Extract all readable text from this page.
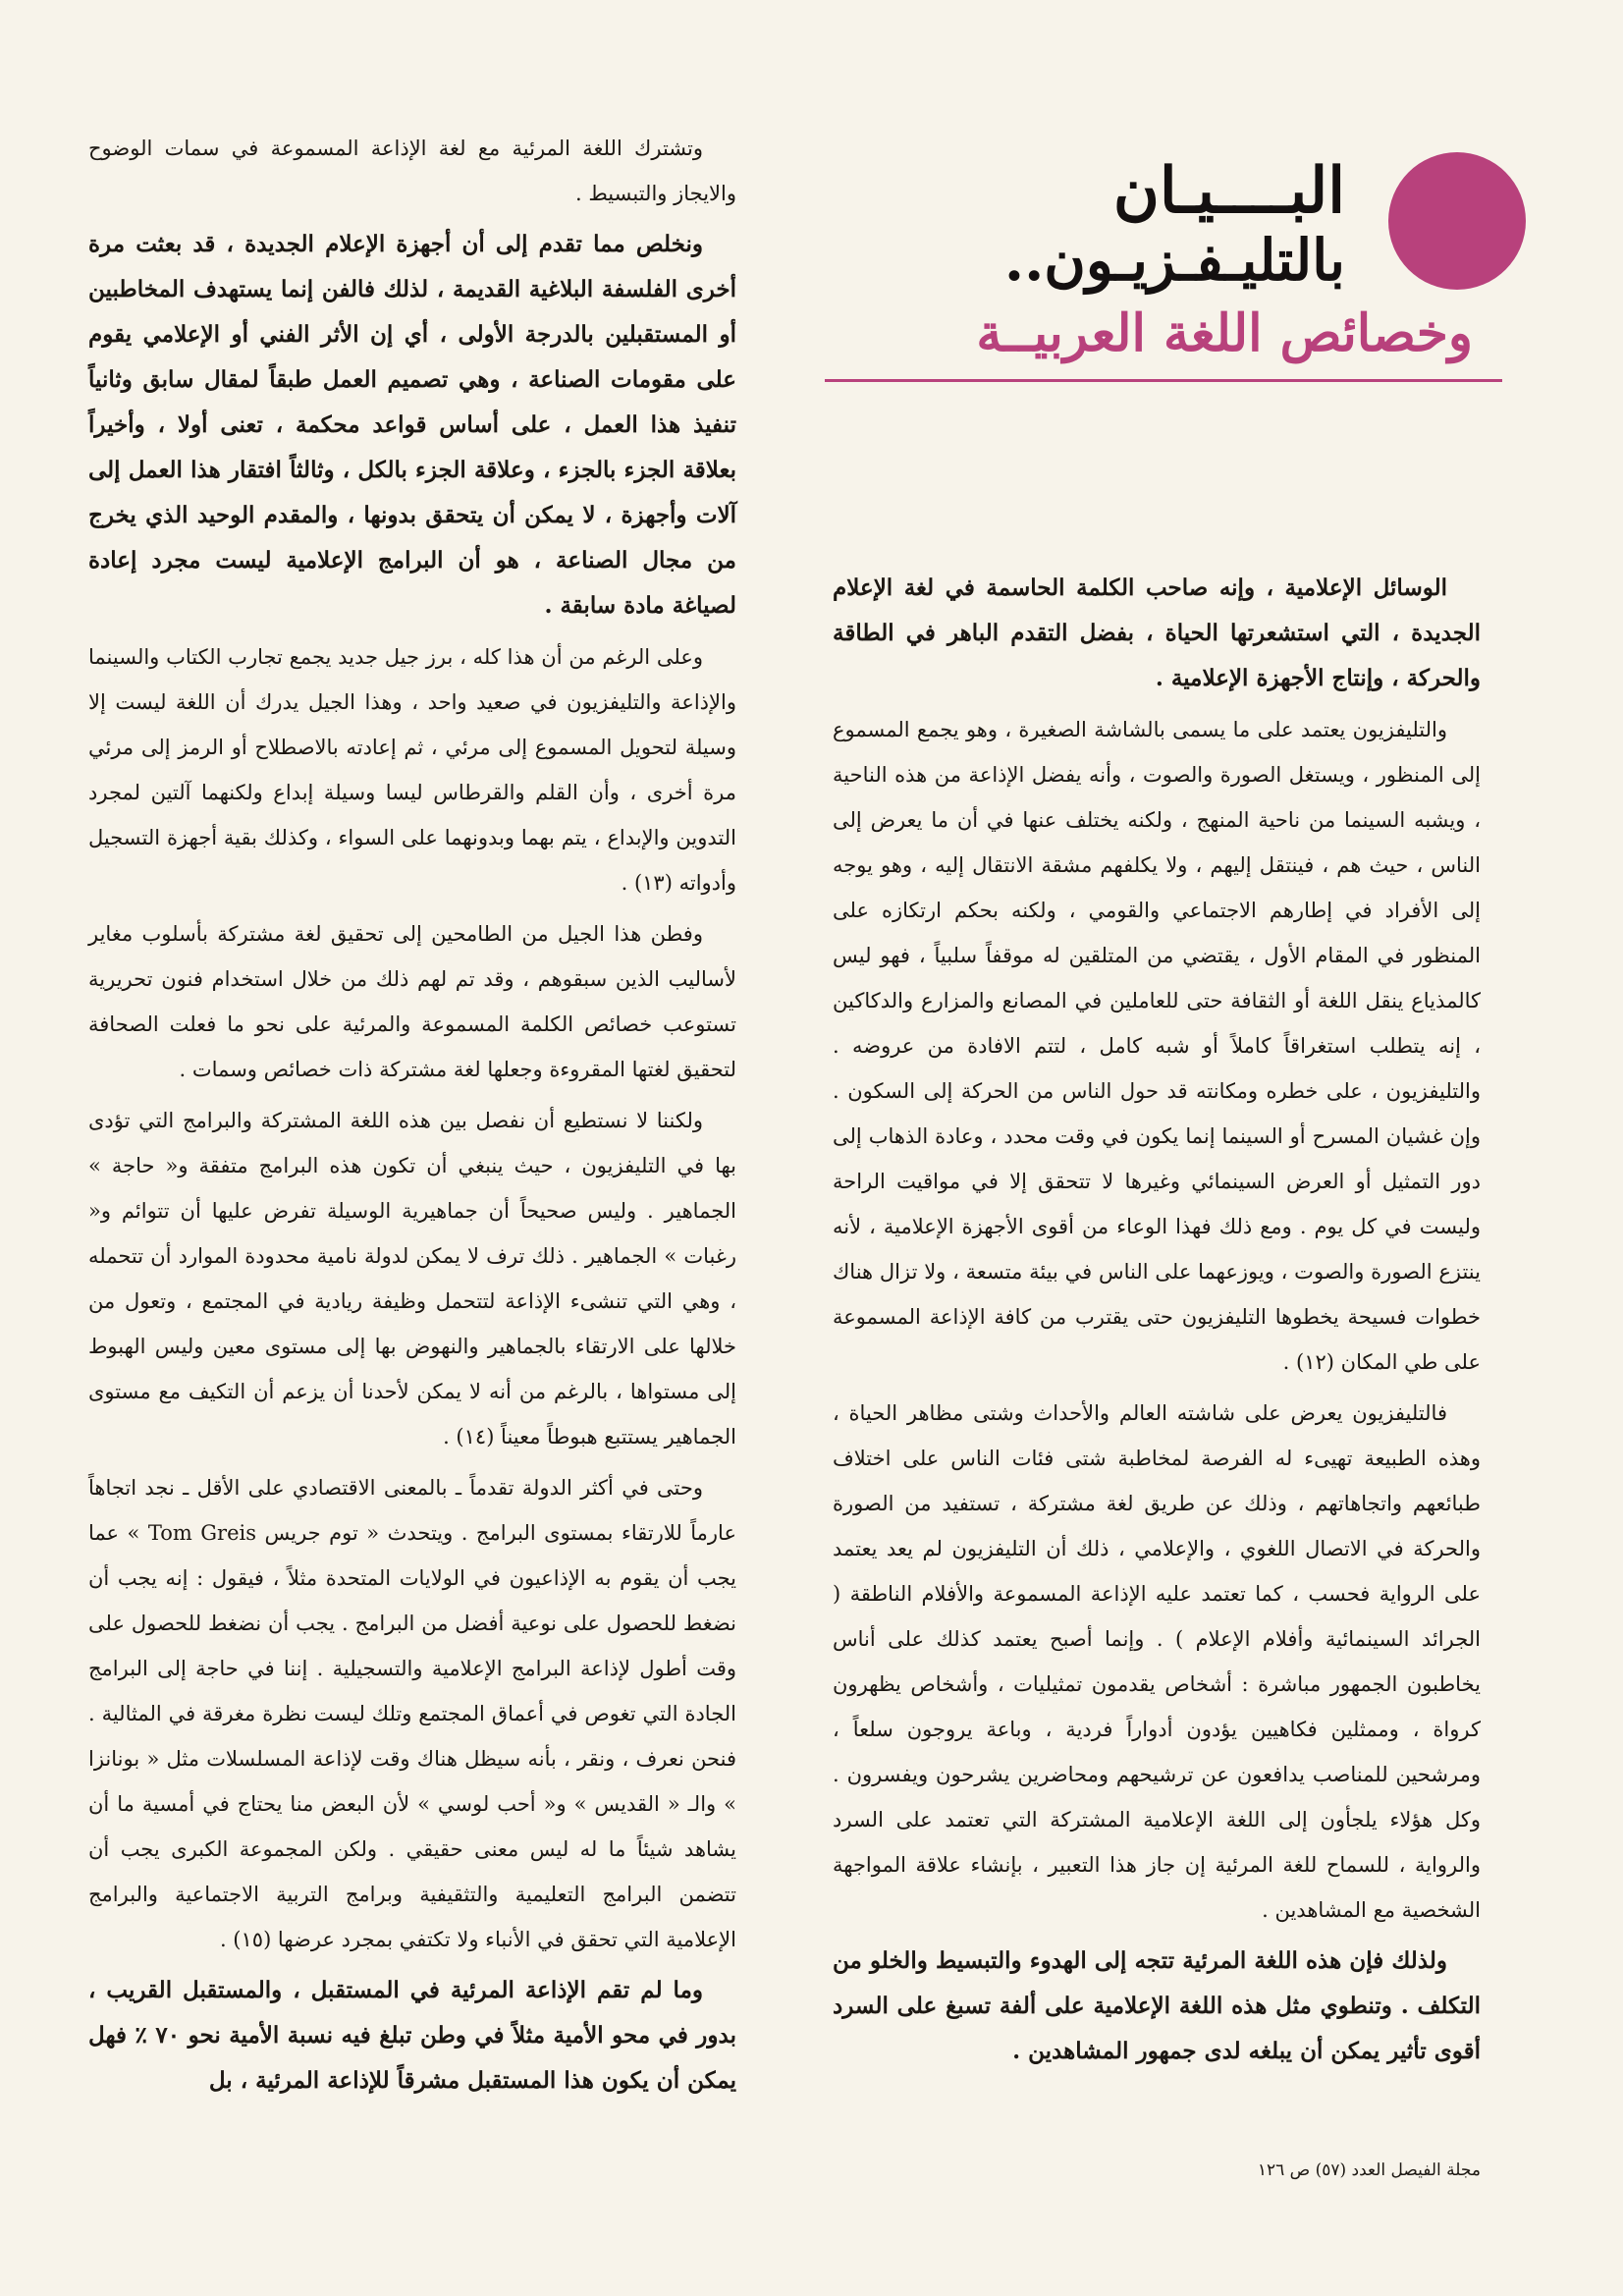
البــــيـان
بالتليـفـزيـون..
وخصائص اللغة العربيــة

وتشترك اللغة المرئية مع لغة الإذاعة المسموعة في سمات الوضوح والايجاز والتبسيط .

ونخلص مما تقدم إلى أن أجهزة الإعلام الجديدة ، قد بعثت مرة أخرى الفلسفة البلاغية القديمة ، لذلك فالفن إنما يستهدف المخاطبين أو المستقبلين بالدرجة الأولى ، أي إن الأثر الفني أو الإعلامي يقوم على مقومات الصناعة ، وهي تصميم العمل طبقاً لمقال سابق وثانياً تنفيذ هذا العمل ، على أساس قواعد محكمة ، تعنى أولا ، وأخيراً بعلاقة الجزء بالجزء ، وعلاقة الجزء بالكل ، وثالثاً افتقار هذا العمل إلى آلات وأجهزة ، لا يمكن أن يتحقق بدونها ، والمقدم الوحيد الذي يخرج من مجال الصناعة ، هو أن البرامج الإعلامية ليست مجرد إعادة لصياغة مادة سابقة .

وعلى الرغم من أن هذا كله ، برز جيل جديد يجمع تجارب الكتاب والسينما والإذاعة والتليفزيون في صعيد واحد ، وهذا الجيل يدرك أن اللغة ليست إلا وسيلة لتحويل المسموع إلى مرئي ، ثم إعادته بالاصطلاح أو الرمز إلى مرئي مرة أخرى ، وأن القلم والقرطاس ليسا وسيلة إبداع ولكنهما آلتين لمجرد التدوين والإبداع ، يتم بهما وبدونهما على السواء ، وكذلك بقية أجهزة التسجيل وأدواته (١٣) .

وفطن هذا الجيل من الطامحين إلى تحقيق لغة مشتركة بأسلوب مغاير لأساليب الذين سبقوهم ، وقد تم لهم ذلك من خلال استخدام فنون تحريرية تستوعب خصائص الكلمة المسموعة والمرئية على نحو ما فعلت الصحافة لتحقيق لغتها المقروءة وجعلها لغة مشتركة ذات خصائص وسمات .

ولكننا لا نستطيع أن نفصل بين هذه اللغة المشتركة والبرامج التي تؤدى بها في التليفزيون ، حيث ينبغي أن تكون هذه البرامج متفقة و« حاجة » الجماهير . وليس صحيحاً أن جماهيرية الوسيلة تفرض عليها أن تتوائم و« رغبات » الجماهير . ذلك ترف لا يمكن لدولة نامية محدودة الموارد أن تتحمله ، وهي التي تنشىء الإذاعة لتتحمل وظيفة ريادية في المجتمع ، وتعول من خلالها على الارتقاء بالجماهير والنهوض بها إلى مستوى معين وليس الهبوط إلى مستواها ، بالرغم من أنه لا يمكن لأحدنا أن يزعم أن التكيف مع مستوى الجماهير يستتبع هبوطاً معيناً (١٤) .

وحتى في أكثر الدولة تقدماً ـ بالمعنى الاقتصادي على الأقل ـ نجد اتجاهاً عارماً للارتقاء بمستوى البرامج . ويتحدث « توم جريس Tom Greis » عما يجب أن يقوم به الإذاعيون في الولايات المتحدة مثلاً ، فيقول : إنه يجب أن نضغط للحصول على نوعية أفضل من البرامج . يجب أن نضغط للحصول على وقت أطول لإذاعة البرامج الإعلامية والتسجيلية . إننا في حاجة إلى البرامج الجادة التي تغوص في أعماق المجتمع وتلك ليست نظرة مغرقة في المثالية . فنحن نعرف ، ونقر ، بأنه سيظل هناك وقت لإذاعة المسلسلات مثل « بونانزا » والـ « القديس » و« أحب لوسي » لأن البعض منا يحتاج في أمسية ما أن يشاهد شيئاً ما له ليس معنى حقيقي . ولكن المجموعة الكبرى يجب أن تتضمن البرامج التعليمية والتثقيفية وبرامج التربية الاجتماعية والبرامج الإعلامية التي تحقق في الأنباء ولا تكتفي بمجرد عرضها (١٥) .

وما لم تقم الإذاعة المرئية في المستقبل ، والمستقبل القريب ، بدور في محو الأمية مثلاً في وطن تبلغ فيه نسبة الأمية نحو ٧٠ ٪ فهل يمكن أن يكون هذا المستقبل مشرقاً للإذاعة المرئية ، بل

الوسائل الإعلامية ، وإنه صاحب الكلمة الحاسمة في لغة الإعلام الجديدة ، التي استشعرتها الحياة ، بفضل التقدم الباهر في الطاقة والحركة ، وإنتاج الأجهزة الإعلامية .

والتليفزيون يعتمد على ما يسمى بالشاشة الصغيرة ، وهو يجمع المسموع إلى المنظور ، ويستغل الصورة والصوت ، وأنه يفضل الإذاعة من هذه الناحية ، ويشبه السينما من ناحية المنهج ، ولكنه يختلف عنها في أن ما يعرض إلى الناس ، حيث هم ، فينتقل إليهم ، ولا يكلفهم مشقة الانتقال إليه ، وهو يوجه إلى الأفراد في إطارهم الاجتماعي والقومي ، ولكنه بحكم ارتكازه على المنظور في المقام الأول ، يقتضي من المتلقين له موقفاً سلبياً ، فهو ليس كالمذياع ينقل اللغة أو الثقافة حتى للعاملين في المصانع والمزارع والدكاكين ، إنه يتطلب استغراقاً كاملاً أو شبه كامل ، لتتم الافادة من عروضه . والتليفزيون ، على خطره ومكانته قد حول الناس من الحركة إلى السكون . وإن غشيان المسرح أو السينما إنما يكون في وقت محدد ، وعادة الذهاب إلى دور التمثيل أو العرض السينمائي وغيرها لا تتحقق إلا في مواقيت الراحة وليست في كل يوم . ومع ذلك فهذا الوعاء من أقوى الأجهزة الإعلامية ، لأنه ينتزع الصورة والصوت ، ويوزعهما على الناس في بيئة متسعة ، ولا تزال هناك خطوات فسيحة يخطوها التليفزيون حتى يقترب من كافة الإذاعة المسموعة على طي المكان (١٢) .

فالتليفزيون يعرض على شاشته العالم والأحداث وشتى مظاهر الحياة ، وهذه الطبيعة تهيىء له الفرصة لمخاطبة شتى فئات الناس على اختلاف طبائعهم واتجاهاتهم ، وذلك عن طريق لغة مشتركة ، تستفيد من الصورة والحركة في الاتصال اللغوي ، والإعلامي ، ذلك أن التليفزيون لم يعد يعتمد على الرواية فحسب ، كما تعتمد عليه الإذاعة المسموعة والأفلام الناطقة ( الجرائد السينمائية وأفلام الإعلام ) . وإنما أصبح يعتمد كذلك على أناس يخاطبون الجمهور مباشرة : أشخاص يقدمون تمثيليات ، وأشخاص يظهرون كرواة ، وممثلين فكاهيين يؤدون أدواراً فردية ، وباعة يروجون سلعاً ، ومرشحين للمناصب يدافعون عن ترشيحهم ومحاضرين يشرحون ويفسرون . وكل هؤلاء يلجأون إلى اللغة الإعلامية المشتركة التي تعتمد على السرد والرواية ، للسماح للغة المرئية إن جاز هذا التعبير ، بإنشاء علاقة المواجهة الشخصية مع المشاهدين .

ولذلك فإن هذه اللغة المرئية تتجه إلى الهدوء والتبسيط والخلو من التكلف . وتنطوي مثل هذه اللغة الإعلامية على ألفة تسبغ على السرد أقوى تأثير يمكن أن يبلغه لدى جمهور المشاهدين .

مجلة الفيصل العدد (٥٧) ص ١٢٦
